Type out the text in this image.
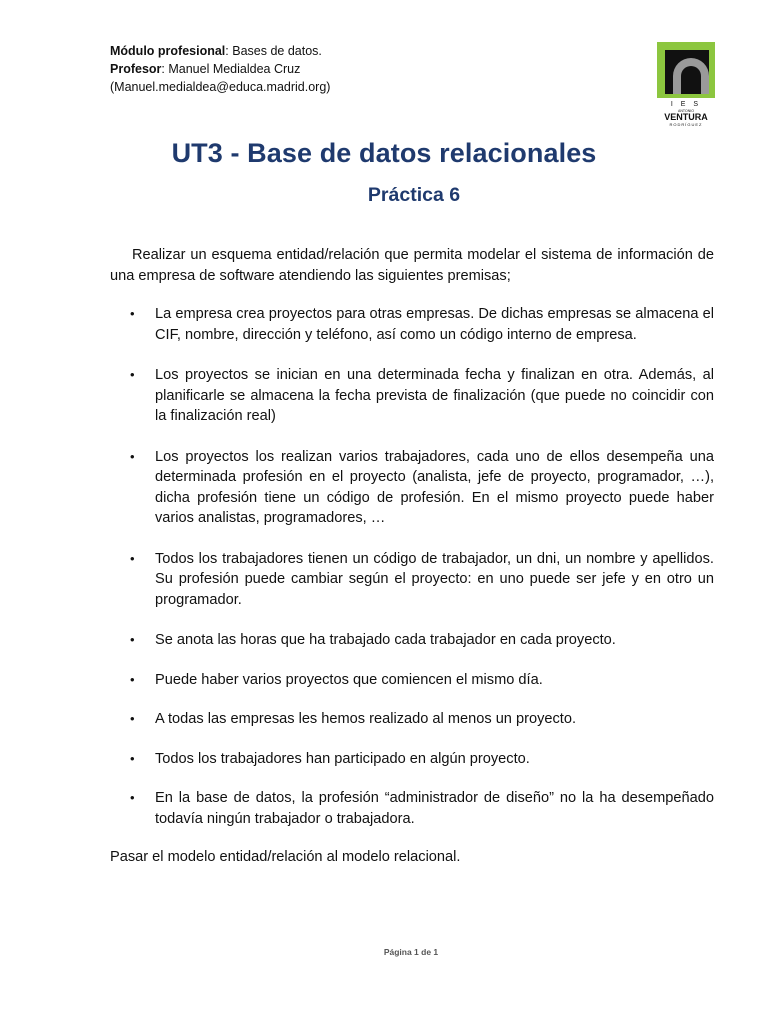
Módulo profesional: Bases de datos.
Profesor: Manuel Medialdea Cruz
(Manuel.medialdea@educa.madrid.org)
I E S
ANTONIO
VENTURA
RODRÍGUEZ
UT3 - Base de datos relacionales
Práctica 6

Realizar un esquema entidad/relación que permita modelar el sistema de información de una empresa de software atendiendo las siguientes premisas;

• La empresa crea proyectos para otras empresas. De dichas empresas se almacena el CIF, nombre, dirección y teléfono, así como un código interno de empresa.
• Los proyectos se inician en una determinada fecha y finalizan en otra. Además, al planificarle se almacena la fecha prevista de finalización (que puede no coincidir con la finalización real)
• Los proyectos los realizan varios trabajadores, cada uno de ellos desempeña una determinada profesión en el proyecto (analista, jefe de proyecto, programador, …), dicha profesión tiene un código de profesión. En el mismo proyecto puede haber varios analistas, programadores, …
• Todos los trabajadores tienen un código de trabajador, un dni, un nombre y apellidos. Su profesión puede cambiar según el proyecto: en uno puede ser jefe y en otro un programador.
• Se anota las horas que ha trabajado cada trabajador en cada proyecto.
• Puede haber varios proyectos que comiencen el mismo día.
• A todas las empresas les hemos realizado al menos un proyecto.
• Todos los trabajadores han participado en algún proyecto.
• En la base de datos, la profesión “administrador de diseño” no la ha desempeñado todavía ningún trabajador o trabajadora.

Pasar el modelo entidad/relación al modelo relacional.

Página 1 de 1
